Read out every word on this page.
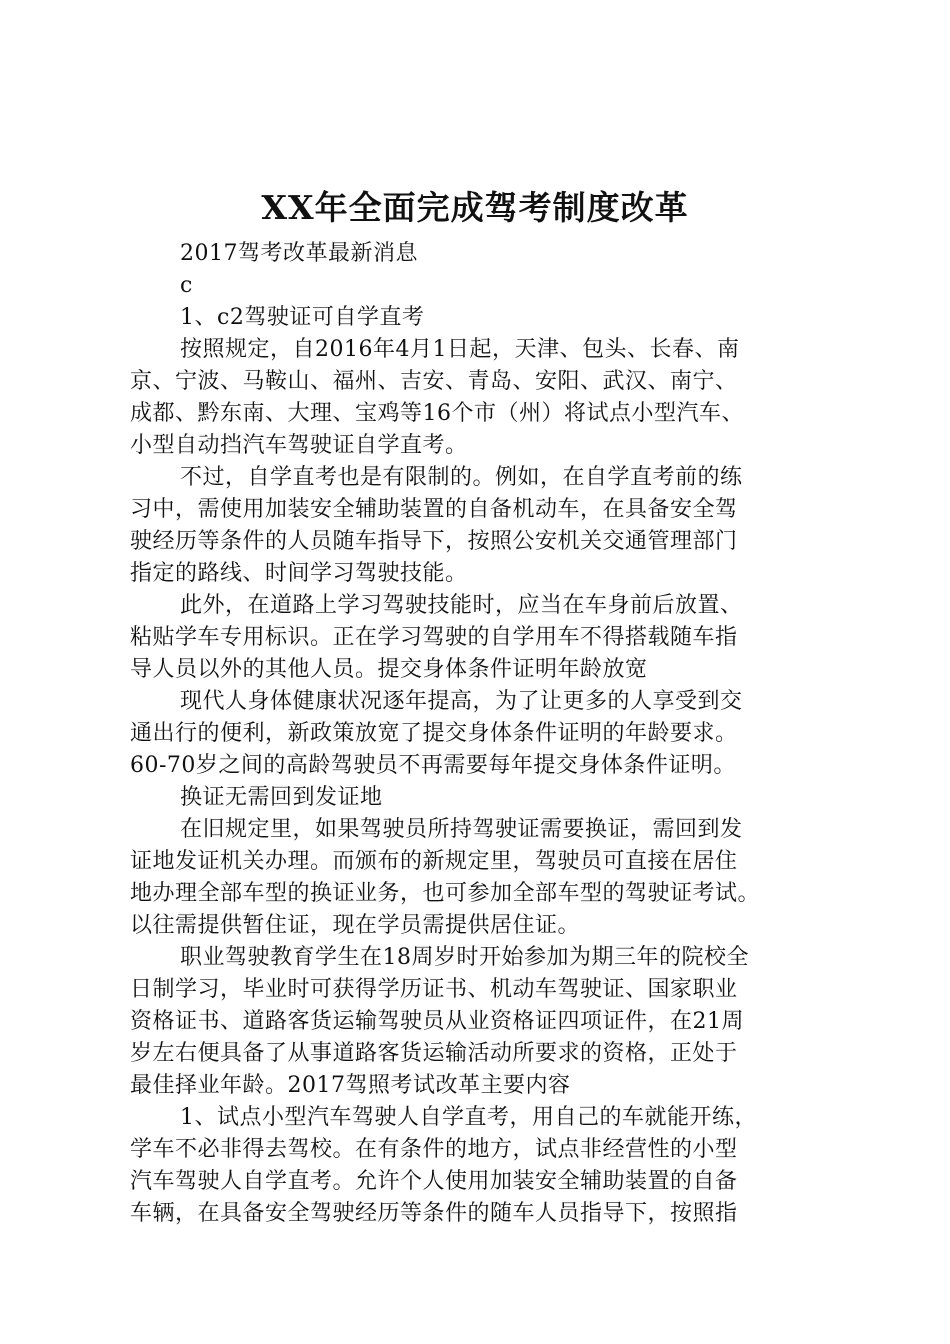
XX年全面完成驾考制度改革
2017驾考改革最新消息
c
1、c2驾驶证可自学直考
按照规定，自2016年4月1日起，天津、包头、长春、南
京、宁波、马鞍山、福州、吉安、青岛、安阳、武汉、南宁、
成都、黔东南、大理、宝鸡等16个市（州）将试点小型汽车、
小型自动挡汽车驾驶证自学直考。
不过，自学直考也是有限制的。例如，在自学直考前的练
习中，需使用加装安全辅助装置的自备机动车，在具备安全驾
驶经历等条件的人员随车指导下，按照公安机关交通管理部门
指定的路线、时间学习驾驶技能。
此外，在道路上学习驾驶技能时，应当在车身前后放置、
粘贴学车专用标识。正在学习驾驶的自学用车不得搭载随车指
导人员以外的其他人员。提交身体条件证明年龄放宽
现代人身体健康状况逐年提高，为了让更多的人享受到交
通出行的便利，新政策放宽了提交身体条件证明的年龄要求。
60-70岁之间的高龄驾驶员不再需要每年提交身体条件证明。
换证无需回到发证地
在旧规定里，如果驾驶员所持驾驶证需要换证，需回到发
证地发证机关办理。而颁布的新规定里，驾驶员可直接在居住
地办理全部车型的换证业务，也可参加全部车型的驾驶证考试。
以往需提供暂住证，现在学员需提供居住证。
职业驾驶教育学生在18周岁时开始参加为期三年的院校全
日制学习，毕业时可获得学历证书、机动车驾驶证、国家职业
资格证书、道路客货运输驾驶员从业资格证四项证件，在21周
岁左右便具备了从事道路客货运输活动所要求的资格，正处于
最佳择业年龄。2017驾照考试改革主要内容
1、试点小型汽车驾驶人自学直考，用自己的车就能开练，
学车不必非得去驾校。在有条件的地方，试点非经营性的小型
汽车驾驶人自学直考。允许个人使用加装安全辅助装置的自备
车辆，在具备安全驾驶经历等条件的随车人员指导下，按照指
